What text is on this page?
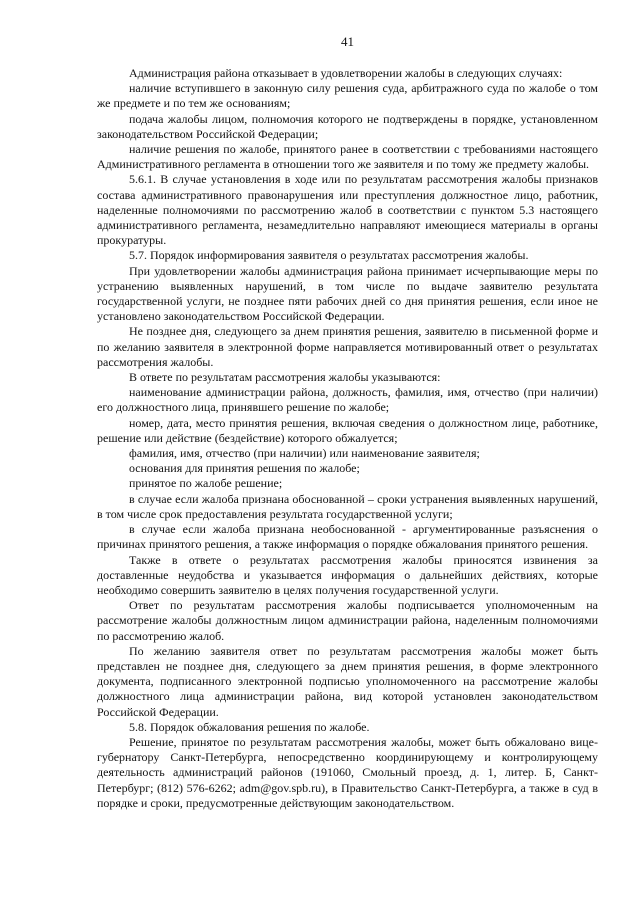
41

Администрация района отказывает в удовлетворении жалобы в следующих случаях:

наличие вступившего в законную силу решения суда, арбитражного суда по жалобе о том же предмете и по тем же основаниям;

подача жалобы лицом, полномочия которого не подтверждены в порядке, установленном законодательством Российской Федерации;

наличие решения по жалобе, принятого ранее в соответствии с требованиями настоящего Административного регламента в отношении того же заявителя и по тому же предмету жалобы.

5.6.1. В случае установления в ходе или по результатам рассмотрения жалобы признаков состава административного правонарушения или преступления должностное лицо, работник, наделенные полномочиями по рассмотрению жалоб в соответствии с пунктом 5.3 настоящего административного регламента, незамедлительно направляют имеющиеся материалы в органы прокуратуры.

5.7. Порядок информирования заявителя о результатах рассмотрения жалобы.

При удовлетворении жалобы администрация района принимает исчерпывающие меры по устранению выявленных нарушений, в том числе по выдаче заявителю результата государственной услуги, не позднее пяти рабочих дней со дня принятия решения, если иное не установлено законодательством Российской Федерации.

Не позднее дня, следующего за днем принятия решения, заявителю в письменной форме и по желанию заявителя в электронной форме направляется мотивированный ответ о результатах рассмотрения жалобы.

В ответе по результатам рассмотрения жалобы указываются:

наименование администрации района, должность, фамилия, имя, отчество (при наличии) его должностного лица, принявшего решение по жалобе;

номер, дата, место принятия решения, включая сведения о должностном лице, работнике, решение или действие (бездействие) которого обжалуется;

фамилия, имя, отчество (при наличии) или наименование заявителя;

основания для принятия решения по жалобе;

принятое по жалобе решение;

в случае если жалоба признана обоснованной – сроки устранения выявленных нарушений, в том числе срок предоставления результата государственной услуги;

в случае если жалоба признана необоснованной - аргументированные разъяснения о причинах принятого решения, а также информация о порядке обжалования принятого решения.

Также в ответе о результатах рассмотрения жалобы приносятся извинения за доставленные неудобства и указывается информация о дальнейших действиях, которые необходимо совершить заявителю в целях получения государственной услуги.

Ответ по результатам рассмотрения жалобы подписывается уполномоченным на рассмотрение жалобы должностным лицом администрации района, наделенным полномочиями по рассмотрению жалоб.

По желанию заявителя ответ по результатам рассмотрения жалобы может быть представлен не позднее дня, следующего за днем принятия решения, в форме электронного документа, подписанного электронной подписью уполномоченного на рассмотрение жалобы должностного лица администрации района, вид которой установлен законодательством Российской Федерации.

5.8. Порядок обжалования решения по жалобе.

Решение, принятое по результатам рассмотрения жалобы, может быть обжаловано вице-губернатору Санкт-Петербурга, непосредственно координирующему и контролирующему деятельность администраций районов (191060, Смольный проезд, д. 1, литер. Б, Санкт-Петербург; (812) 576-6262; adm@gov.spb.ru), в Правительство Санкт-Петербурга, а также в суд в порядке и сроки, предусмотренные действующим законодательством.
